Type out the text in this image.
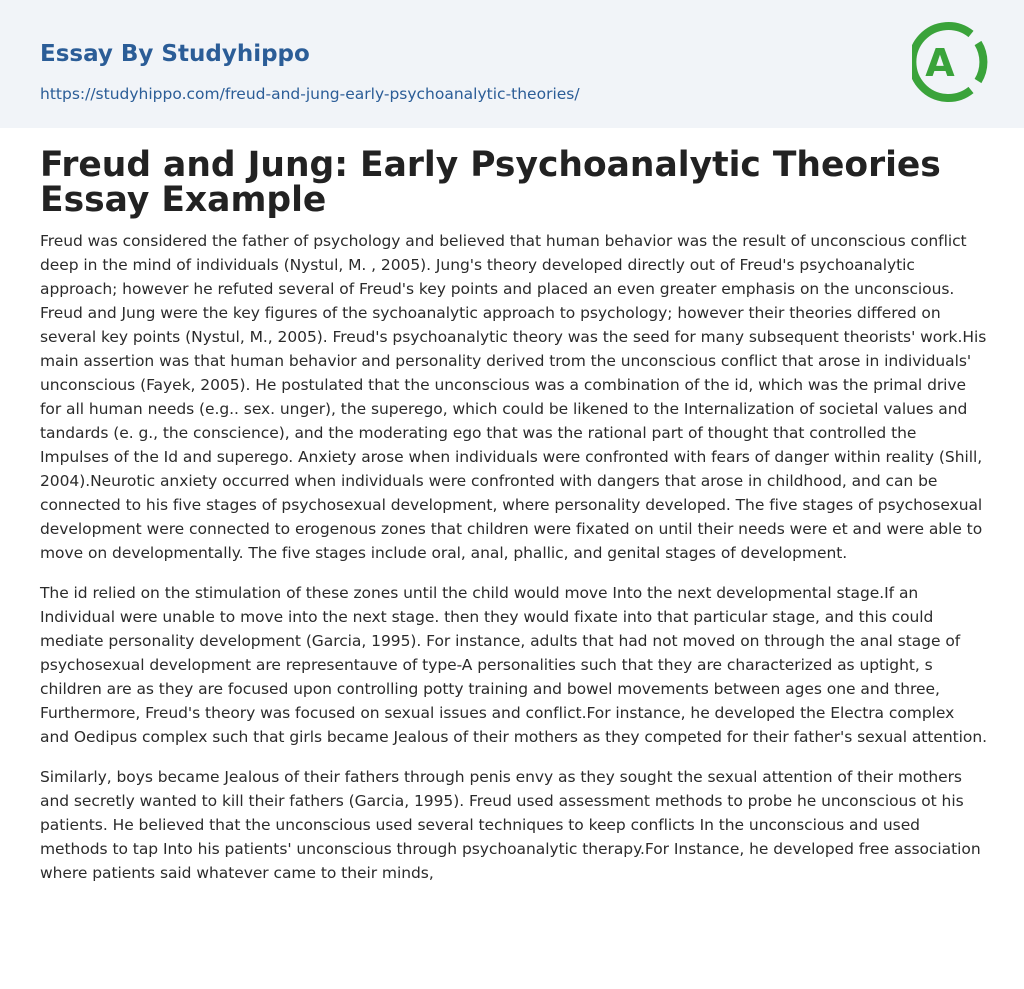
Essay By Studyhippo
https://studyhippo.com/freud-and-jung-early-psychoanalytic-theories/
A
Freud and Jung: Early Psychoanalytic Theories Essay Example

Freud was considered the father of psychology and believed that human behavior was the result of unconscious conflict deep in the mind of individuals (Nystul, M. , 2005). Jung's theory developed directly out of Freud's psychoanalytic approach; however he refuted several of Freud's key points and placed an even greater emphasis on the unconscious. Freud and Jung were the key figures of the sychoanalytic approach to psychology; however their theories differed on several key points (Nystul, M., 2005). Freud's psychoanalytic theory was the seed for many subsequent theorists' work.His main assertion was that human behavior and personality derived trom the unconscious conflict that arose in individuals' unconscious (Fayek, 2005). He postulated that the unconscious was a combination of the id, which was the primal drive for all human needs (e.g.. sex. unger), the superego, which could be likened to the Internalization of societal values and tandards (e. g., the conscience), and the moderating ego that was the rational part of thought that controlled the Impulses of the Id and superego. Anxiety arose when individuals were confronted with fears of danger within reality (Shill, 2004).Neurotic anxiety occurred when individuals were confronted with dangers that arose in childhood, and can be connected to his five stages of psychosexual development, where personality developed. The five stages of psychosexual development were connected to erogenous zones that children were fixated on until their needs were et and were able to move on developmentally. The five stages include oral, anal, phallic, and genital stages of development.

The id relied on the stimulation of these zones until the child would move Into the next developmental stage.If an Individual were unable to move into the next stage. then they would fixate into that particular stage, and this could mediate personality development (Garcia, 1995). For instance, adults that had not moved on through the anal stage of psychosexual development are representauve of type-A personalities such that they are characterized as uptight, s children are as they are focused upon controlling potty training and bowel movements between ages one and three, Furthermore, Freud's theory was focused on sexual issues and conflict.For instance, he developed the Electra complex and Oedipus complex such that girls became Jealous of their mothers as they competed for their father's sexual attention.

Similarly, boys became Jealous of their fathers through penis envy as they sought the sexual attention of their mothers and secretly wanted to kill their fathers (Garcia, 1995). Freud used assessment methods to probe he unconscious ot his patients. He believed that the unconscious used several techniques to keep conflicts In the unconscious and used methods to tap Into his patients' unconscious through psychoanalytic therapy.For Instance, he developed free association where patients said whatever came to their minds,
